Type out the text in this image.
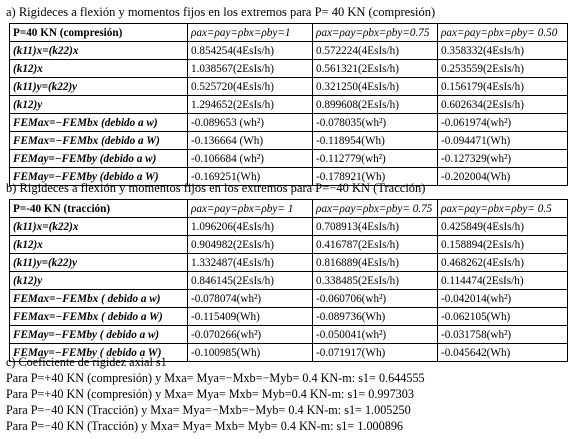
a) Rigideces a flexión y momentos fijos en los extremos para P= 40 KN (compresión)
P=40 KN (compresión)	ρax=ρay=ρbx=ρby=1	ρax=ρay=ρbx=ρby=0.75	ρax=ρay=ρbx=ρby= 0.50
(k11)x=(k22)x	0.854254(4EsIs/h)	0.572224(4EsIs/h)	0.358332(4EsIs/h)
(k12)x	1.038567(2EsIs/h)	0.561321(2EsIs/h)	0.253559(2EsIs/h)
(k11)y=(k22)y	0.525720(4EsIs/h)	0.321250(4EsIs/h)	0.156179(4EsIs/h)
(k12)y	1.294652(2EsIs/h)	0.899608(2EsIs/h)	0.602634(2EsIs/h)
FEMax=−FEMbx (debido a w)	-0.089653 (wh²)	-0.078035(wh²)	-0.061974(wh²)
FEMax=−FEMbx (debido a W)	-0.136664 (Wh)	-0.118954(Wh)	-0.094471(Wh)
FEMay=−FEMby (debido a w)	-0.106684 (wh²)	-0.112779(wh²)	-0.127329(wh²)
FEMay=−FEMby (debido a W)	-0.169251(Wh)	-0.178921(Wh)	-0.202004(Wh)
b) Rigideces a flexión y momentos fijos en los extremos para P=−40 KN (Tracción)
P=-40 KN (tracción)	ρax=ρay=ρbx=ρby= 1	ρax=ρay=ρbx=ρby= 0.75	ρax=ρay=ρbx=ρby= 0.5
(k11)x=(k22)x	1.096206(4EsIs/h)	0.708913(4EsIs/h)	0.425849(4EsIs/h)
(k12)x	0.904982(2EsIs/h)	0.416787(2EsIs/h)	0.158894(2EsIs/h)
(k11)y=(k22)y	1.332487(4EsIs/h)	0.816889(4EsIs/h)	0.468262(4EsIs/h)
(k12)y	0.846145(2EsIs/h)	0.338485(2EsIs/h)	0.114474(2EsIs/h)
FEMax=−FEMbx ( debido a w)	-0.078074(wh²)	-0.060706(wh²)	-0.042014(wh²)
FEMax=−FEMbx ( debido a W)	-0.115409(Wh)	-0.089736(Wh)	-0.062105(Wh)
FEMay=−FEMby ( debido a w)	-0.070266(wh²)	-0.050041(wh²)	-0.031758(wh²)
FEMay=−FEMby ( debido a W)	-0.100985(Wh)	-0.071917(Wh)	-0.045642(Wh)
c) Coeficiente de rigidez axial s1
Para P=+40 KN (compresión) y Mxa= Mya=−Mxb=−Myb= 0.4 KN-m: s1= 0.644555
Para P=+40 KN (compresión) y Mxa= Mya= Mxb= Myb=0.4 KN-m: s1= 0.997303
Para P=−40 KN (Tracción) y Mxa= Mya=−Mxb=−Myb= 0.4 KN-m: s1= 1.005250
Para P=−40 KN (Tracción) y Mxa= Mya= Mxb= Myb= 0.4 KN-m: s1= 1.000896
